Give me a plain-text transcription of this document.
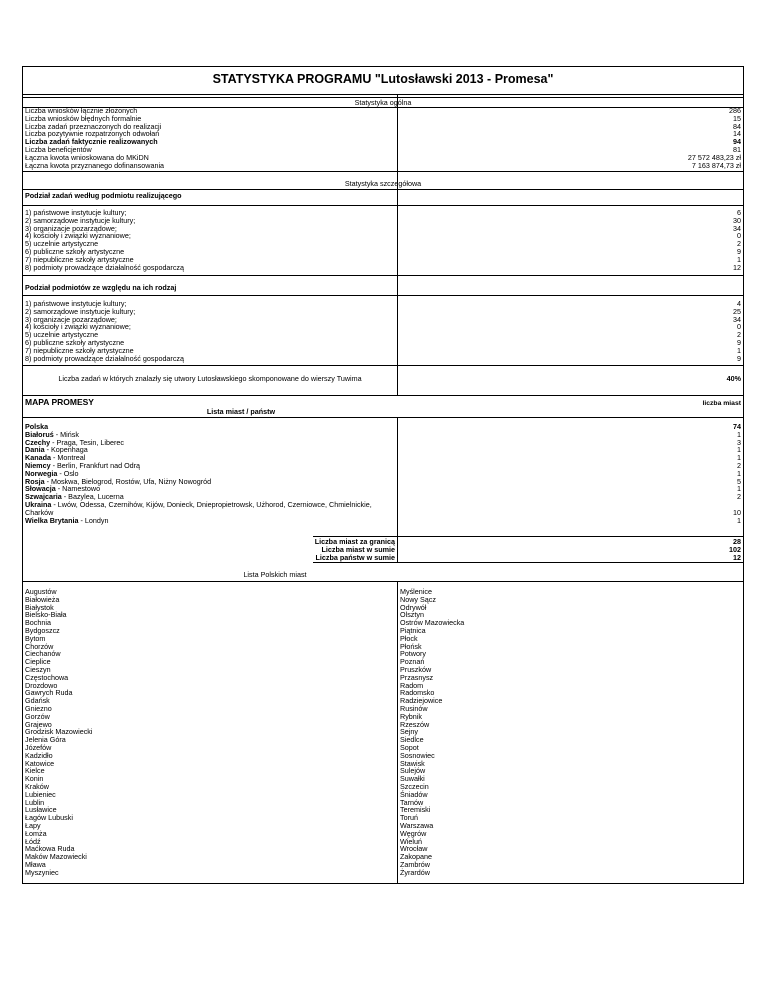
STATYSTYKA PROGRAMU "Lutosławski 2013 - Promesa"
Statystyka ogólna
Liczba wniosków łącznie złożonych	286
Liczba wniosków błędnych formalnie	15
Liczba zadań przeznaczonych do realizacji	84
Liczba pozytywnie rozpatrzonych odwołań	14
Liczba zadań faktycznie realizowanych	94
Liczba beneficjentów	81
Łączna kwota wnioskowana do MKiDN	27 572 483,23 zł
Łączna kwota przyznanego dofinansowania	7 163 874,73 zł
Statystyka szczegółowa
Podział zadań według podmiotu realizującego
1) państwowe instytucje kultury;	6
2) samorządowe instytucje kultury;	30
3) organizacje pozarządowe;	34
4) kościoły i związki wyznaniowe;	0
5) uczelnie artystyczne	2
6) publiczne szkoły artystyczne	9
7) niepubliczne szkoły artystyczne	1
8) podmioty prowadzące działalność gospodarczą	12
Podział podmiotów ze względu na ich rodzaj
1) państwowe instytucje kultury;	4
2) samorządowe instytucje kultury;	25
3) organizacje pozarządowe;	34
4) kościoły i związki wyznaniowe;	0
5) uczelnie artystyczne	2
6) publiczne szkoły artystyczne	9
7) niepubliczne szkoły artystyczne	1
8) podmioty prowadzące działalność gospodarczą	9
Liczba zadań w których znalazły się utwory Lutosławskiego skomponowane do wierszy Tuwima	40%
MAPA PROMESY	liczba miast
Lista miast / państw
Polska	74
Białoruś - Mińsk	1
Czechy - Praga, Tesin, Liberec	3
Dania - Kopenhaga	1
Kanada - Montreal	1
Niemcy - Berlin, Frankfurt nad Odrą	2
Norwegia - Oslo	1
Rosja - Moskwa, Bielogrod, Rostów, Ufa, Niżny Nowogród	5
Słowacja - Namestowo	1
Szwajcaria - Bazylea, Lucerna	2
Ukraina - Lwów, Odessa, Czernihów, Kijów, Donieck, Dniepropietrowsk, Użhorod, Czerniowce, Chmielnickie,
Charków	10
Wielka Brytania - Londyn	1
Liczba miast za granicą	28
Liczba miast w sumie	102
Liczba państw w sumie	12
Lista Polskich miast
Augustów
Białowieża
Białystok
Bielsko-Biała
Bochnia
Bydgoszcz
Bytom
Chorzów
Ciechanów
Cieplice
Cieszyn
Częstochowa
Drozdowo
Gawrych Ruda
Gdańsk
Gniezno
Gorzów
Grajewo
Grodzisk Mazowiecki
Jelenia Góra
Józefów
Kadzidło
Katowice
Kielce
Konin
Kraków
Lubieniec
Lublin
Lusławice
Łagów Lubuski
Łapy
Łomża
Łódź
Maćkowa Ruda
Maków Mazowiecki
Mława
Myszyniec
Myślenice
Nowy Sącz
Odrywół
Olsztyn
Ostrów Mazowiecka
Piątnica
Płock
Płońsk
Potwory
Poznań
Pruszków
Przasnysz
Radom
Radomsko
Radziejowice
Rusinów
Rybnik
Rzeszów
Sejny
Siedlce
Sopot
Sosnowiec
Stawisk
Sulejów
Suwałki
Szczecin
Śniadów
Tarnów
Teremiski
Toruń
Warszawa
Węgrów
Wieluń
Wrocław
Zakopane
Zambrów
Żyrardów
